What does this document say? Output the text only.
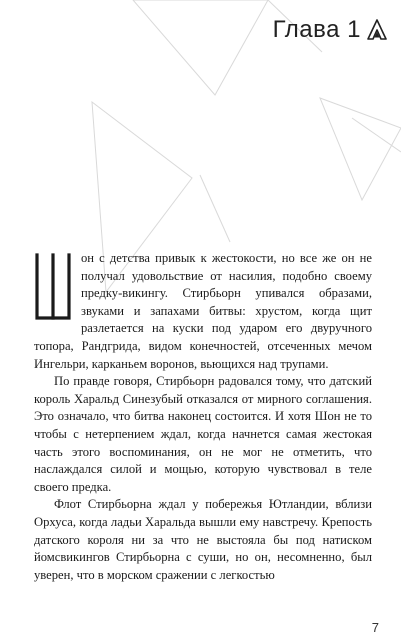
Глава 1

он с детства привык к жестокости, но все же он не получал удовольствие от насилия, подобно своему предку-викингу. Стирбьорн упивался образами, звуками и запахами битвы: хрустом, когда щит разлетается на куски под ударом его двуручного топора, Рандгрида, видом конечностей, отсеченных мечом Ингельри, карканьем воронов, вьющихся над трупами.

По правде говоря, Стирбьорн радовался тому, что датский король Харальд Синезубый отказался от мирного соглашения. Это означало, что битва наконец состоится. И хотя Шон не то чтобы с нетерпением ждал, когда начнется самая жестокая часть этого воспоминания, он не мог не отметить, что наслаждался силой и мощью, которую чувствовал в теле своего предка.

Флот Стирбьорна ждал у побережья Ютландии, вблизи Орхуса, когда ладьи Харальда вышли ему навстречу. Крепость датского короля ни за что не выстояла бы под натиском йомсвикингов Стирбьорна с суши, но он, несомненно, был уверен, что в морском сражении с легкостью

7
